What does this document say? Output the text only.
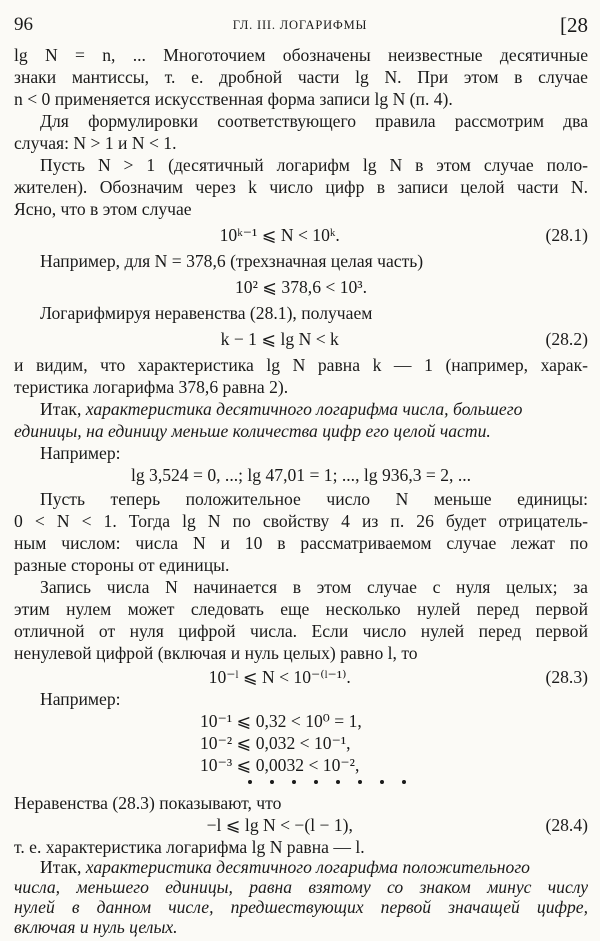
96	ГЛ. III. ЛОГАРИФМЫ	[28
lg N = n, ... Многоточием обозначены неизвестные десятичные
знаки мантиссы, т. е. дробной части lg N. При этом в случае
n < 0 применяется искусственная форма записи lg N (п. 4).
Для формулировки соответствующего правила рассмотрим два
случая: N > 1 и N < 1.
Пусть N > 1 (десятичный логарифм lg N в этом случае поло-
жителен). Обозначим через k число цифр в записи целой части N.
Ясно, что в этом случае
10ᵏ⁻¹ ⩽ N < 10ᵏ.	(28.1)
Например, для N = 378,6 (трехзначная целая часть)
10² ⩽ 378,6 < 10³.
Логарифмируя неравенства (28.1), получаем
k − 1 ⩽ lg N < k	(28.2)
и видим, что характеристика lg N равна k — 1 (например, харак-
теристика логарифма 378,6 равна 2).
Итак, характеристика десятичного логарифма числа, большего
единицы, на единицу меньше количества цифр его целой части.
Например:
lg 3,524 = 0, ...; lg 47,01 = 1; ..., lg 936,3 = 2, ...
Пусть теперь положительное число N меньше единицы:
0 < N < 1. Тогда lg N по свойству 4 из п. 26 будет отрицатель-
ным числом: числа N и 10 в рассматриваемом случае лежат по
разные стороны от единицы.
Запись числа N начинается в этом случае с нуля целых; за
этим нулем может следовать еще несколько нулей перед первой
отличной от нуля цифрой числа. Если число нулей перед первой
ненулевой цифрой (включая и нуль целых) равно l, то
10⁻ˡ ⩽ N < 10⁻⁽ˡ⁻¹⁾.	(28.3)
Например:
10⁻¹ ⩽ 0,32 < 10⁰ = 1,
10⁻² ⩽ 0,032 < 10⁻¹,
10⁻³ ⩽ 0,0032 < 10⁻²,
Неравенства (28.3) показывают, что
−l ⩽ lg N < −(l − 1),	(28.4)
т. е. характеристика логарифма lg N равна — l.
Итак, характеристика десятичного логарифма положительного
числа, меньшего единицы, равна взятому со знаком минус числу
нулей в данном числе, предшествующих первой значащей цифре,
включая и нуль целых.
